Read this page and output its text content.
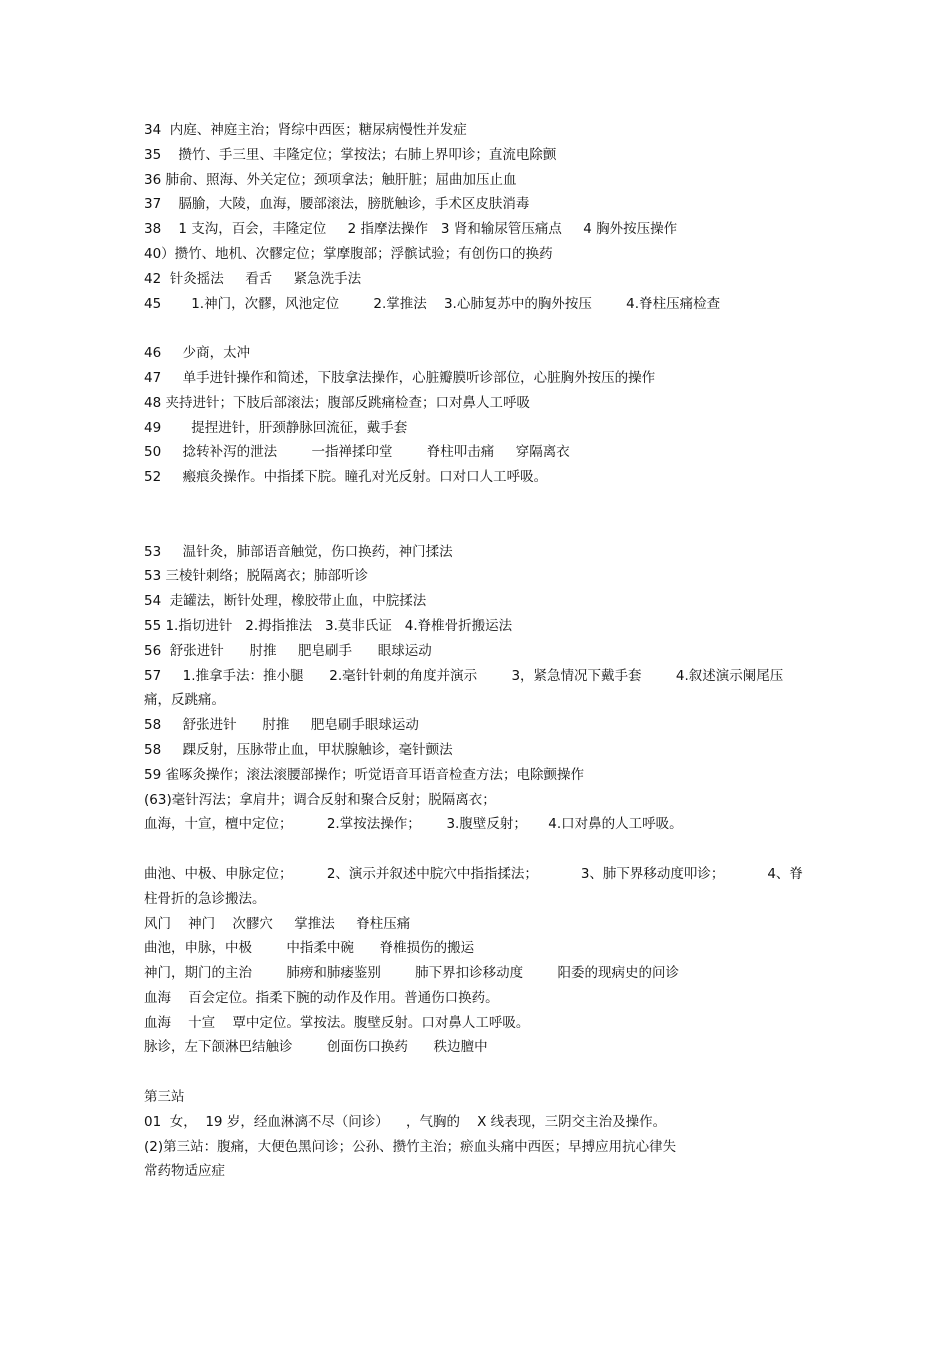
34  内庭、神庭主治；肾综中西医；糖尿病慢性并发症
35    攒竹、手三里、丰隆定位；掌按法；右肺上界叩诊；直流电除颤
36 肺俞、照海、外关定位；颈项拿法；触肝脏；屈曲加压止血
37    膈腧，大陵，血海，腰部滚法，膀胱触诊，手术区皮肤消毒
38    1 支沟，百会，丰隆定位     2 指摩法操作   3 肾和输尿管压痛点     4 胸外按压操作
40）攒竹、地机、次髎定位；掌摩腹部；浮髌试验；有创伤口的换药
42  针灸摇法     看舌     紧急洗手法
45       1.神门，次髎，风池定位        2.掌推法    3.心肺复苏中的胸外按压        4.脊柱压痛检查
46     少商，太冲
47     单手进针操作和简述，下肢拿法操作，心脏瓣膜听诊部位，心脏胸外按压的操作
48 夹持进针；下肢后部滚法；腹部反跳痛检查；口对鼻人工呼吸
49       提捏进针，肝颈静脉回流征，戴手套
50     捻转补泻的泄法        一指禅揉印堂        脊柱叩击痛     穿隔离衣
52     瘢痕灸操作。中指揉下脘。瞳孔对光反射。口对口人工呼吸。
53     温针灸，肺部语音触觉，伤口换药，神门揉法
53 三棱针刺络；脱隔离衣；肺部听诊
54  走罐法，断针处理，橡胶带止血，中脘揉法
55 1.指切进针   2.拇指推法   3.莫非氏证   4.脊椎骨折搬运法
56  舒张进针      肘推     肥皂刷手      眼球运动
57     1.推拿手法：推小腿      2.毫针针刺的角度并演示        3，紧急情况下戴手套        4.叙述演示阑尾压痛，反跳痛。
58     舒张进针      肘推     肥皂刷手眼球运动
58     踝反射，压脉带止血，甲状腺触诊，毫针颤法
59 雀啄灸操作；滚法滚腰部操作；听觉语音耳语音检查方法；电除颤操作
(63)毫针泻法；拿肩井；调合反射和聚合反射；脱隔离衣；
血海，十宣，檀中定位；        2.掌按法操作；      3.腹壁反射；     4.口对鼻的人工呼吸。
曲池、中极、申脉定位；        2、演示并叙述中脘穴中指指揉法；          3、肺下界移动度叩诊；          4、脊柱骨折的急诊搬法。
风门    神门    次髎穴     掌推法     脊柱压痛
曲池，申脉，中极        中指柔中碗      脊椎损伤的搬运
神门，期门的主治        肺痨和肺痿鉴别        肺下界扣诊移动度        阳委的现病史的问诊
血海    百会定位。指柔下腕的动作及作用。普通伤口换药。
血海    十宣    覃中定位。掌按法。腹壁反射。口对鼻人工呼吸。
脉诊，左下颌淋巴结触诊        创面伤口换药      秩边膻中
第三站
01  女，  19 岁，经血淋漓不尽（问诊）    ，气胸的    X 线表现，三阴交主治及操作。
(2)第三站：腹痛，大便色黑问诊；公孙、攒竹主治；瘀血头痛中西医；早搏应用抗心律失
常药物适应症
